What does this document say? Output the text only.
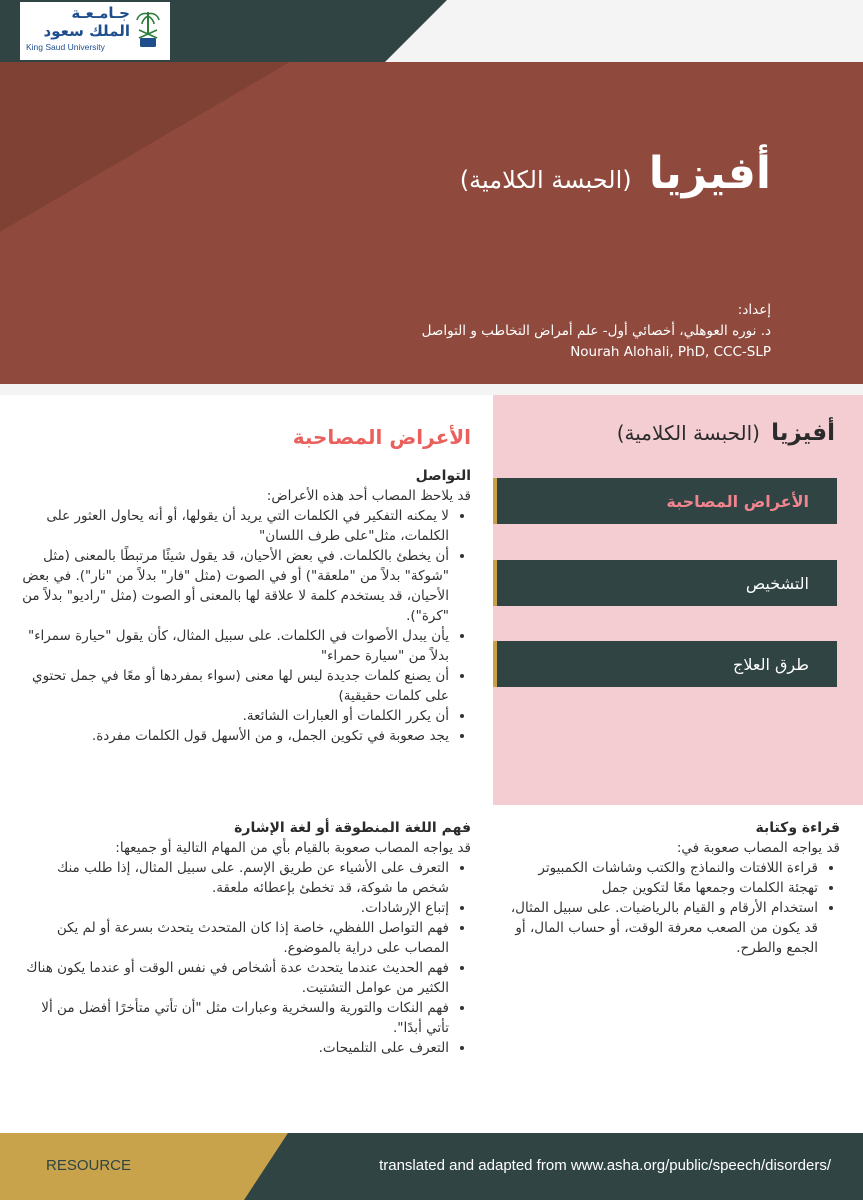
جـامـعـة
الملك سعود
King Saud University
أفيزيا (الحبسة الكلامية)
إعداد:
د. نوره العوهلي، أخصائي أول- علم أمراض التخاطب و التواصل
Nourah Alohali, PhD, CCC-SLP
أفيزيا (الحبسة الكلامية)
الأعراض المصاحبة
التشخيص
طرق العلاج
الأعراض المصاحبة
التواصل

قد يلاحظ المصاب أحد هذه الأعراض:

• لا يمكنه التفكير في الكلمات التي يريد أن يقولها، أو أنه يحاول العثور على الكلمات، مثل"على طرف اللسان"
• أن يخطئ بالكلمات. في بعض الأحيان، قد يقول شيئًا مرتبطًا بالمعنى (مثل "شوكة" بدلاً من "ملعقة") أو في الصوت (مثل "فار" بدلاً من "نار"). في بعض الأحيان، قد يستخدم كلمة لا علاقة لها بالمعنى أو الصوت (مثل "راديو" بدلاً من "كرة").
• يأن يبدل الأصوات في الكلمات. على سبيل المثال، كأن يقول "حيارة سمراء" بدلاً من "سيارة حمراء"
• أن يصنع كلمات جديدة ليس لها معنى (سواء بمفردها أو معًا في جمل تحتوي على كلمات حقيقية)
• أن يكرر الكلمات أو العبارات الشائعة.
• يجد صعوبة في تكوين الجمل، و من الأسهل قول الكلمات مفردة.
فهم اللغة المنطوقة أو لغة الإشارة

قد يواجه المصاب صعوبة بالقيام بأي من المهام التالية أو جميعها:

• التعرف على الأشياء عن طريق الإسم. على سبيل المثال، إذا طلب منك شخص ما شوكة، قد تخطئ بإعطائه ملعقة.
• إتباع الإرشادات.
• فهم التواصل اللفظي، خاصة إذا كان المتحدث يتحدث بسرعة أو لم يكن المصاب على دراية بالموضوع.
• فهم الحديث عندما يتحدث عدة أشخاص في نفس الوقت أو عندما يكون هناك الكثير من عوامل التشتيت.
• فهم النكات والتورية والسخرية وعبارات مثل "أن تأتي متأخرًا أفضل من ألا تأتي أبدًا".
• التعرف على التلميحات.
قراءة وكتابة

قد يواجه المصاب صعوبة في:

• قراءة اللافتات والنماذج والكتب وشاشات الكمبيوتر
• تهجئة الكلمات وجمعها معًا لتكوين جمل
• استخدام الأرقام و القيام بالرياضيات. على سبيل المثال، قد يكون من الصعب معرفة الوقت، أو حساب المال، أو الجمع والطرح.
RESOURCE	translated and adapted from www.asha.org/public/speech/disorders/
